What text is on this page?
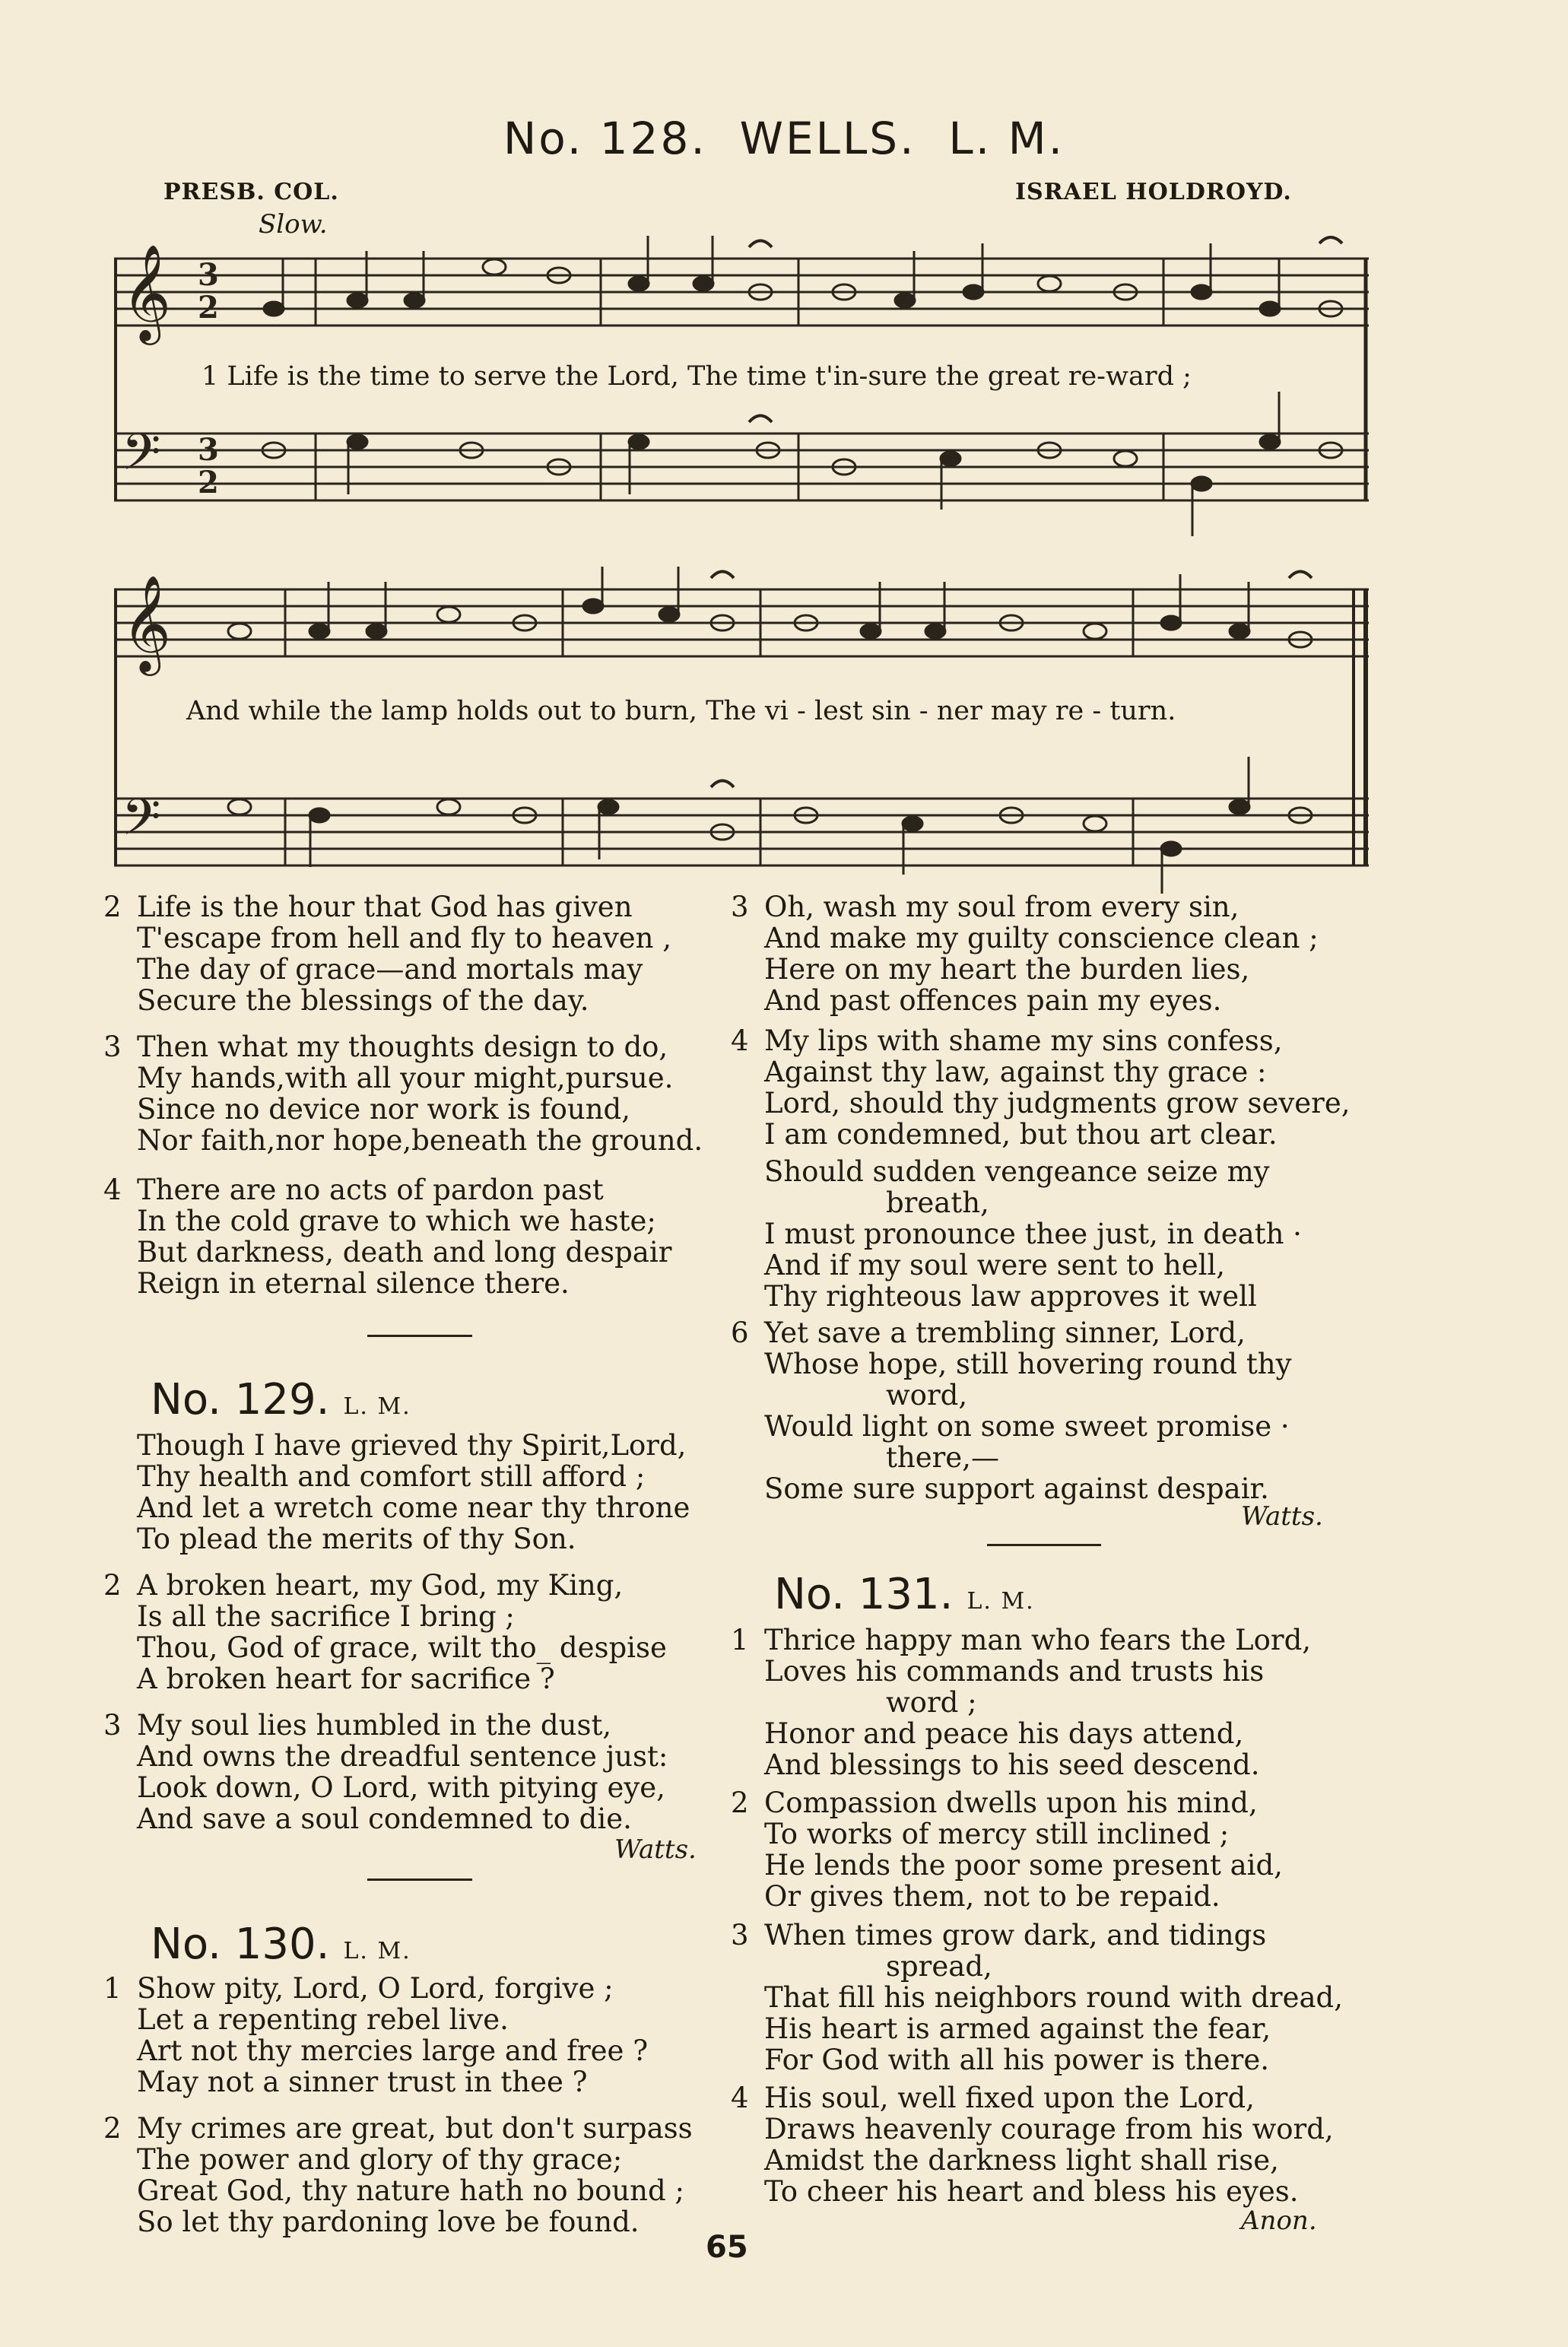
No. 128.  WELLS.  L. M.
PRESB. COL.	ISRAEL HOLDROYD.
Slow.
𝄞
𝄢
3
2
3
2
1 Life is the time to serve the Lord, The time t'in-sure the great re-ward ;
𝄞
𝄢
And while the lamp holds out to burn, The vi - lest sin - ner may re - turn.
2 Life is the hour that God has given
T'escape from hell and fly to heaven ,
The day of grace—and mortals may
Secure the blessings of the day.
3 Then what my thoughts design to do,
My hands,with all your might,pursue.
Since no device nor work is found,
Nor faith,nor hope,beneath the ground.
4 There are no acts of pardon past
In the cold grave to which we haste;
But darkness, death and long despair
Reign in eternal silence there.
No. 129. L. M.
Though I have grieved thy Spirit,Lord,
Thy health and comfort still afford ;
And let a wretch come near thy throne
To plead the merits of thy Son.
2 A broken heart, my God, my King,
Is all the sacrifice I bring ;
Thou, God of grace, wilt tho_ despise
A broken heart for sacrifice ?
3 My soul lies humbled in the dust,
And owns the dreadful sentence just:
Look down, O Lord, with pitying eye,
And save a soul condemned to die.
Watts.
No. 130. L. M.
1 Show pity, Lord, O Lord, forgive ;
Let a repenting rebel live.
Art not thy mercies large and free ?
May not a sinner trust in thee ?
2 My crimes are great, but don't surpass
The power and glory of thy grace;
Great God, thy nature hath no bound ;
So let thy pardoning love be found.
3 Oh, wash my soul from every sin,
And make my guilty conscience clean ;
Here on my heart the burden lies,
And past offences pain my eyes.
4 My lips with shame my sins confess,
Against thy law, against thy grace :
Lord, should thy judgments grow severe,
I am condemned, but thou art clear.
Should sudden vengeance seize my
breath,
I must pronounce thee just, in death ·
And if my soul were sent to hell,
Thy righteous law approves it well
6 Yet save a trembling sinner, Lord,
Whose hope, still hovering round thy
word,
Would light on some sweet promise ·
there,—
Some sure support against despair.
Watts.
No. 131. L. M.
1 Thrice happy man who fears the Lord,
Loves his commands and trusts his
word ;
Honor and peace his days attend,
And blessings to his seed descend.
2 Compassion dwells upon his mind,
To works of mercy still inclined ;
He lends the poor some present aid,
Or gives them, not to be repaid.
3 When times grow dark, and tidings
spread,
That fill his neighbors round with dread,
His heart is armed against the fear,
For God with all his power is there.
4 His soul, well fixed upon the Lord,
Draws heavenly courage from his word,
Amidst the darkness light shall rise,
To cheer his heart and bless his eyes.
Anon.
65
